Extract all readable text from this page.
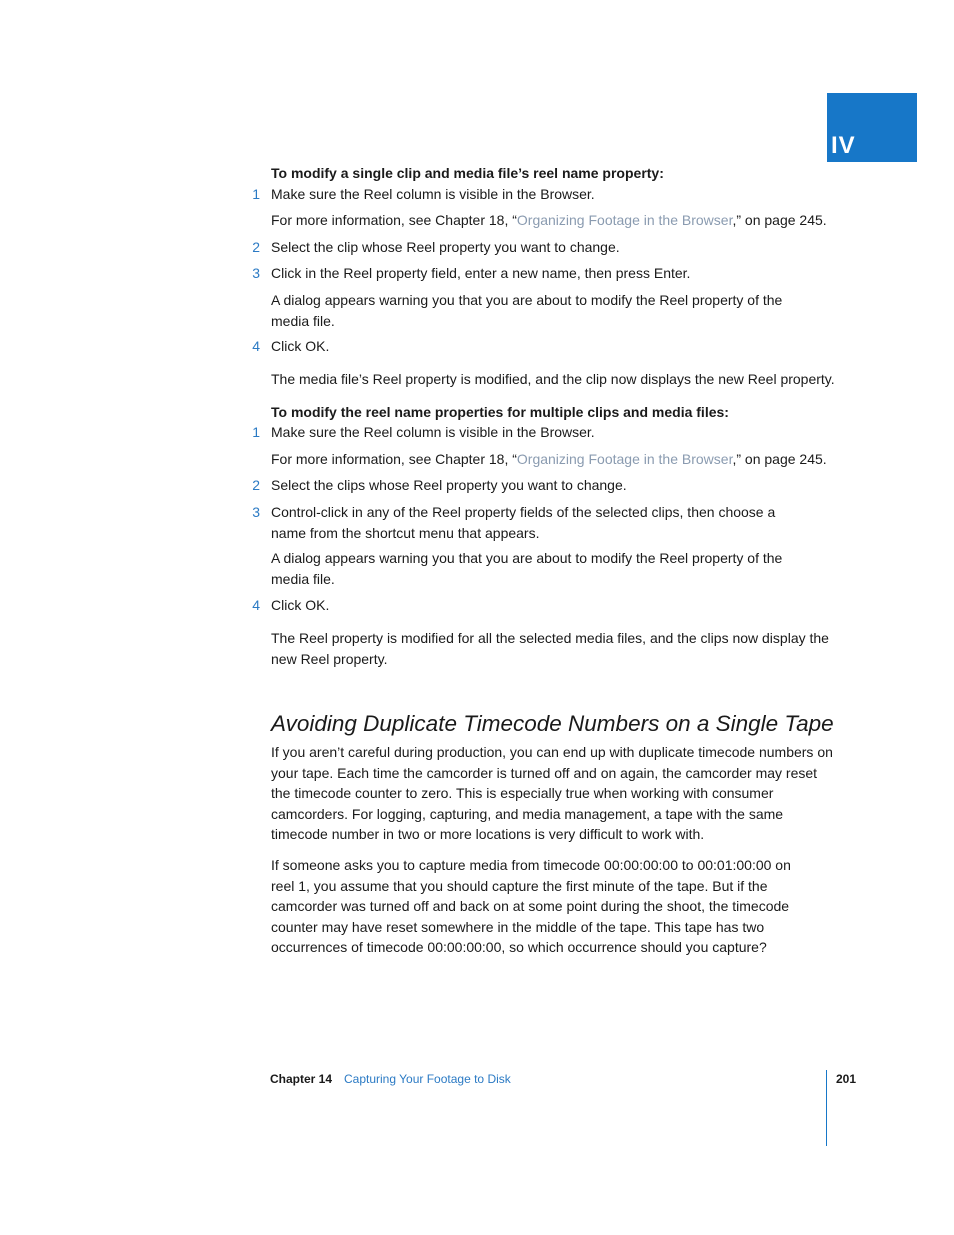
IV
To modify a single clip and media file’s reel name property:
1 Make sure the Reel column is visible in the Browser.
For more information, see Chapter 18, “Organizing Footage in the Browser,” on page 245.
2 Select the clip whose Reel property you want to change.
3 Click in the Reel property field, enter a new name, then press Enter.
A dialog appears warning you that you are about to modify the Reel property of the media file.
4 Click OK.
The media file’s Reel property is modified, and the clip now displays the new Reel property.
To modify the reel name properties for multiple clips and media files:
1 Make sure the Reel column is visible in the Browser.
For more information, see Chapter 18, “Organizing Footage in the Browser,” on page 245.
2 Select the clips whose Reel property you want to change.
3 Control-click in any of the Reel property fields of the selected clips, then choose a name from the shortcut menu that appears.
A dialog appears warning you that you are about to modify the Reel property of the media file.
4 Click OK.
The Reel property is modified for all the selected media files, and the clips now display the new Reel property.
Avoiding Duplicate Timecode Numbers on a Single Tape
If you aren’t careful during production, you can end up with duplicate timecode numbers on your tape. Each time the camcorder is turned off and on again, the camcorder may reset the timecode counter to zero. This is especially true when working with consumer camcorders. For logging, capturing, and media management, a tape with the same timecode number in two or more locations is very difficult to work with.
If someone asks you to capture media from timecode 00:00:00:00 to 00:01:00:00 on reel 1, you assume that you should capture the first minute of the tape. But if the camcorder was turned off and back on at some point during the shoot, the timecode counter may have reset somewhere in the middle of the tape. This tape has two occurrences of timecode 00:00:00:00, so which occurrence should you capture?
Chapter 14 Capturing Your Footage to Disk	201
